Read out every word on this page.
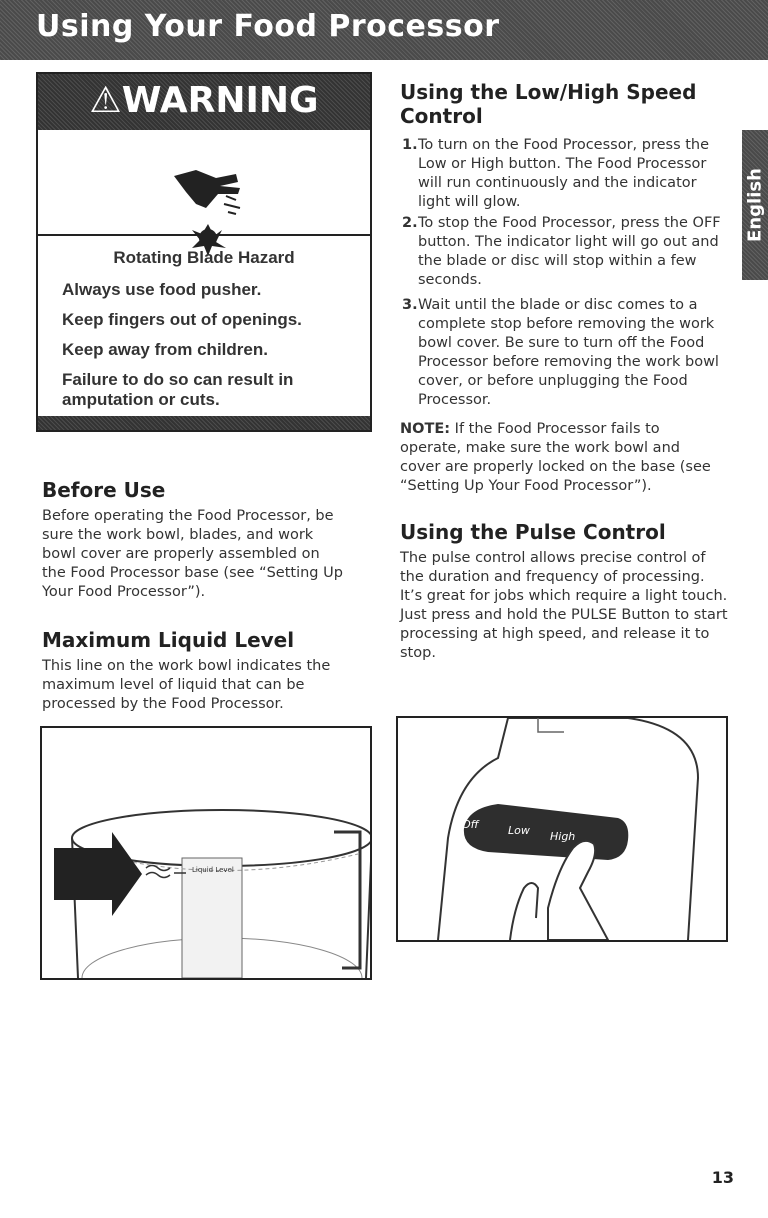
Using Your Food Processor
English
⚠WARNING
Rotating Blade Hazard
Always use food pusher.
Keep fingers out of openings.
Keep away from children.
Failure to do so can result in amputation or cuts.
Before Use

Before operating the Food Processor, be sure the work bowl, blades, and work bowl cover are properly assembled on the Food Processor base (see “Setting Up Your Food Processor”).

Maximum Liquid Level

This line on the work bowl indicates the maximum level of liquid that can be processed by the Food Processor.

Liquid Level
Using the Low/High Speed Control
1. To turn on the Food Processor, press the Low or High button. The Food Processor will run continuously and the indicator light will glow.
2. To stop the Food Processor, press the OFF button. The indicator light will go out and the blade or disc will stop within a few seconds.
3. Wait until the blade or disc comes to a complete stop before removing the work bowl cover. Be sure to turn off the Food Processor before removing the work bowl cover, or before unplugging the Food Processor.

NOTE: If the Food Processor fails to operate, make sure the work bowl and cover are properly locked on the base (see “Setting Up Your Food Processor”).

Using the Pulse Control

The pulse control allows precise control of the duration and frequency of processing. It’s great for jobs which require a light touch. Just press and hold the PULSE Button to start processing at high speed, and release it to stop.

Off	Low High
13
